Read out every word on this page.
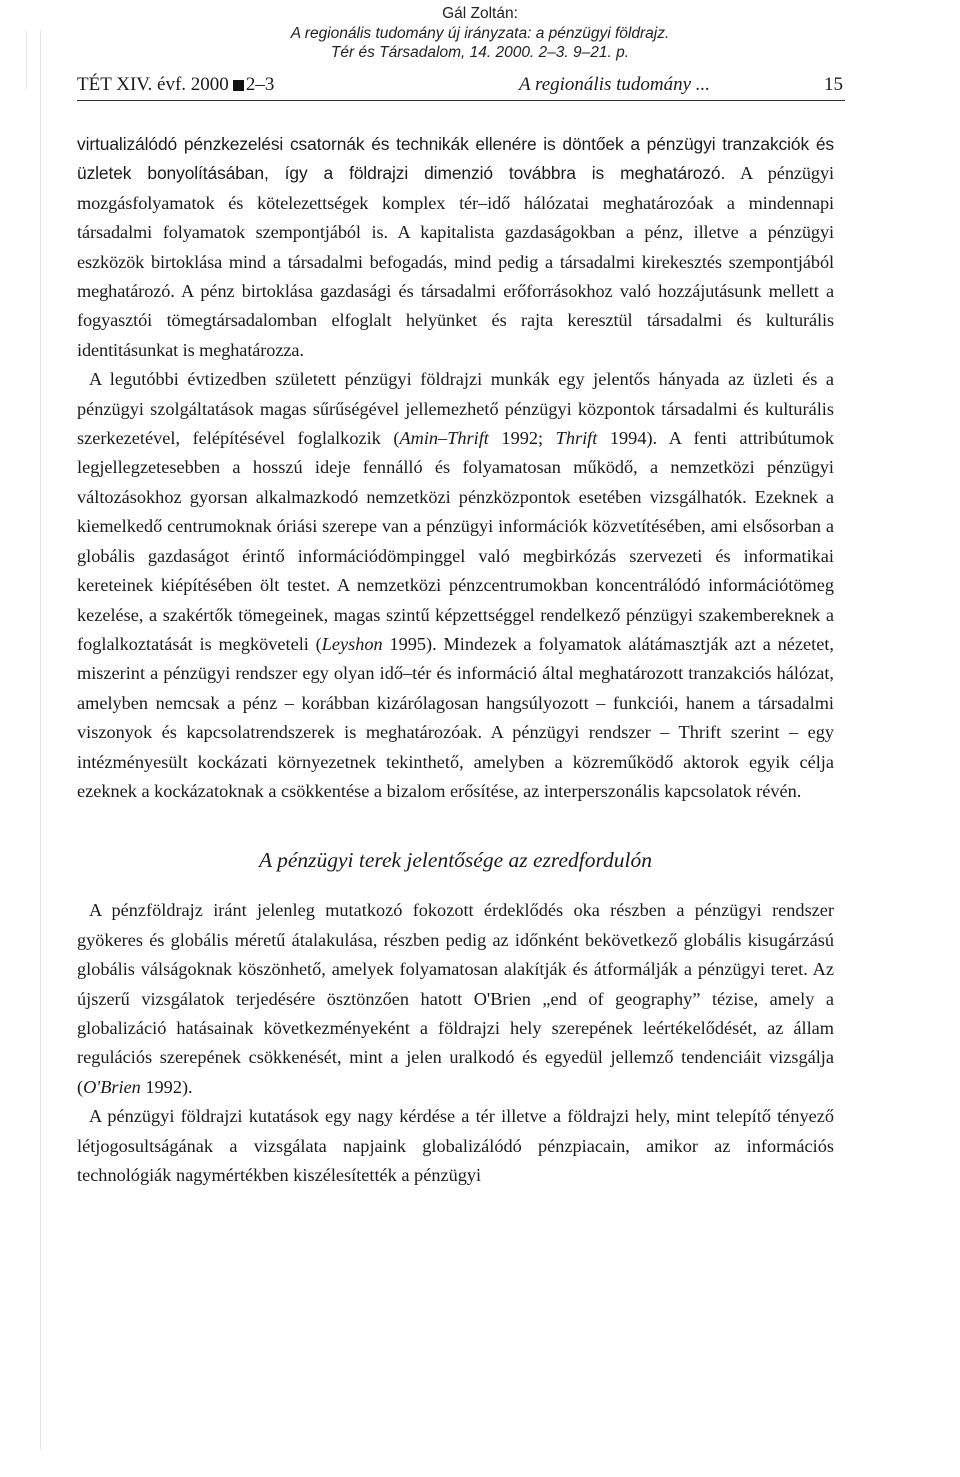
Gál Zoltán:
A regionális tudomány új irányzata: a pénzügyi földrajz.
Tér és Társadalom, 14. 2000. 2–3. 9–21. p.
TÉT XIV. évf. 2000 2–3	A regionális tudomány ...	15

virtualizálódó pénzkezelési csatornák és technikák ellenére is döntőek a pénzügyi tranzakciók és üzletek bonyolításában, így a földrajzi dimenzió továbbra is meghatározó. A pénzügyi mozgásfolyamatok és kötelezettségek komplex tér–idő hálózatai meghatározóak a mindennapi társadalmi folyamatok szempontjából is. A kapitalista gazdaságokban a pénz, illetve a pénzügyi eszközök birtoklása mind a társadalmi befogadás, mind pedig a társadalmi kirekesztés szempontjából meghatározó. A pénz birtoklása gazdasági és társadalmi erőforrásokhoz való hozzájutásunk mellett a fogyasztói tömegtársadalomban elfoglalt helyünket és rajta keresztül társadalmi és kulturális identitásunkat is meghatározza.

A legutóbbi évtizedben született pénzügyi földrajzi munkák egy jelentős hányada az üzleti és a pénzügyi szolgáltatások magas sűrűségével jellemezhető pénzügyi központok társadalmi és kulturális szerkezetével, felépítésével foglalkozik (Amin–Thrift 1992; Thrift 1994). A fenti attribútumok legjellegzetesebben a hosszú ideje fennálló és folyamatosan működő, a nemzetközi pénzügyi változásokhoz gyorsan alkalmazkodó nemzetközi pénzközpontok esetében vizsgálhatók. Ezeknek a kiemelkedő centrumoknak óriási szerepe van a pénzügyi információk közvetítésében, ami elsősorban a globális gazdaságot érintő információdömpinggel való megbirkózás szervezeti és informatikai kereteinek kiépítésében ölt testet. A nemzetközi pénzcentrumokban koncentrálódó információtömeg kezelése, a szakértők tömegeinek, magas szintű képzettséggel rendelkező pénzügyi szakembereknek a foglalkoztatását is megköveteli (Leyshon 1995). Mindezek a folyamatok alátámasztják azt a nézetet, miszerint a pénzügyi rendszer egy olyan idő–tér és információ által meghatározott tranzakciós hálózat, amelyben nemcsak a pénz – korábban kizárólagosan hangsúlyozott – funkciói, hanem a társadalmi viszonyok és kapcsolatrendszerek is meghatározóak. A pénzügyi rendszer – Thrift szerint – egy intézményesült kockázati környezetnek tekinthető, amelyben a közreműködő aktorok egyik célja ezeknek a kockázatoknak a csökkentése a bizalom erősítése, az interperszonális kapcsolatok révén.

A pénzügyi terek jelentősége az ezredfordulón

A pénzföldrajz iránt jelenleg mutatkozó fokozott érdeklődés oka részben a pénzügyi rendszer gyökeres és globális méretű átalakulása, részben pedig az időnként bekövetkező globális kisugárzású globális válságoknak köszönhető, amelyek folyamatosan alakítják és átformálják a pénzügyi teret. Az újszerű vizsgálatok terjedésére ösztönzően hatott O'Brien „end of geography” tézise, amely a globalizáció hatásainak következményeként a földrajzi hely szerepének leértékelődését, az állam regulációs szerepének csökkenését, mint a jelen uralkodó és egyedül jellemző tendenciáit vizsgálja (O'Brien 1992).

A pénzügyi földrajzi kutatások egy nagy kérdése a tér illetve a földrajzi hely, mint telepítő tényező létjogosultságának a vizsgálata napjaink globalizálódó pénzpiacain, amikor az információs technológiák nagymértékben kiszélesítették a pénzügyi
